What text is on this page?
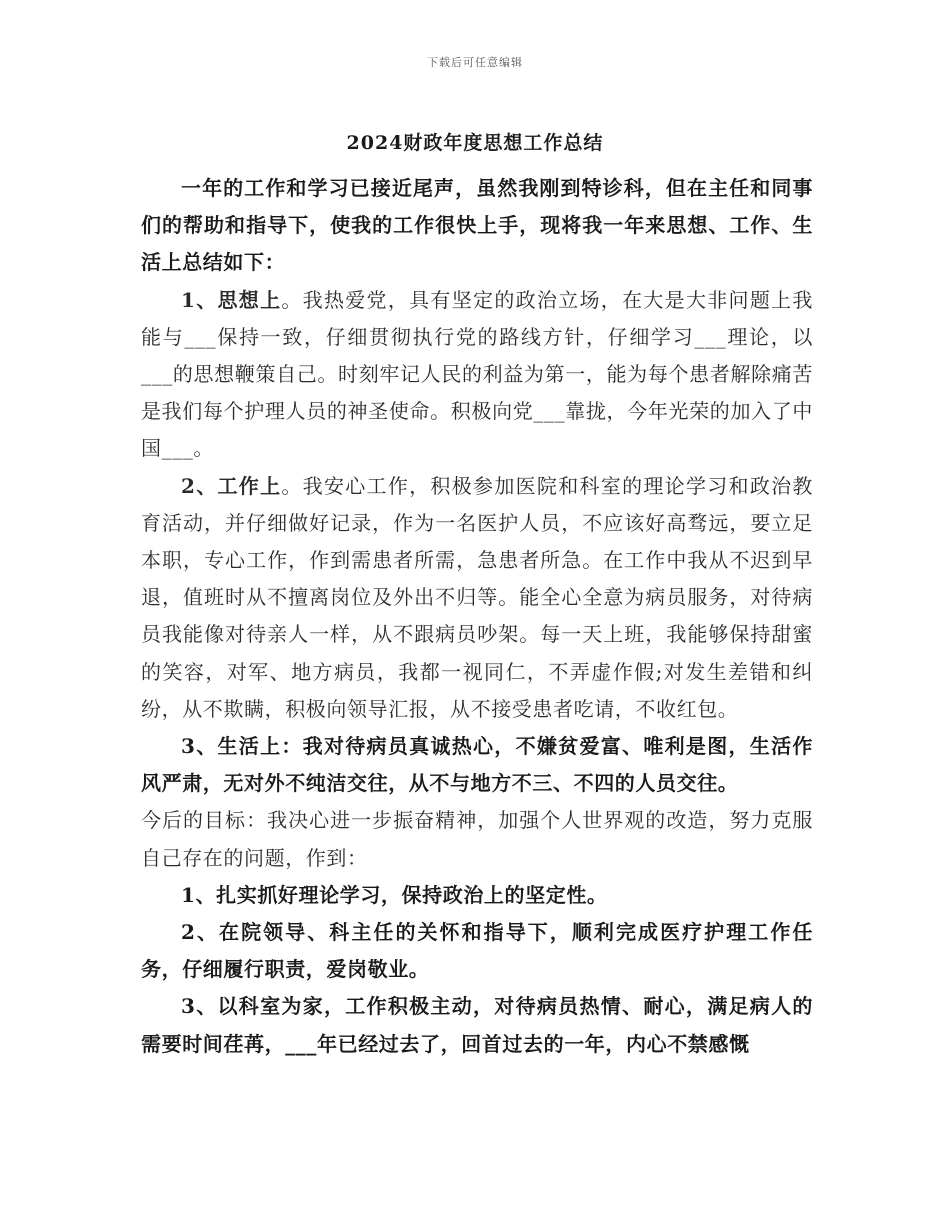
下载后可任意编辑
2024财政年度思想工作总结

一年的工作和学习已接近尾声，虽然我刚到特诊科，但在主任和同事们的帮助和指导下，使我的工作很快上手，现将我一年来思想、工作、生活上总结如下：

1、思想上。我热爱党，具有坚定的政治立场，在大是大非问题上我能与___保持一致，仔细贯彻执行党的路线方针，仔细学习___理论，以___的思想鞭策自己。时刻牢记人民的利益为第一，能为每个患者解除痛苦是我们每个护理人员的神圣使命。积极向党___靠拢，今年光荣的加入了中国___。

2、工作上。我安心工作，积极参加医院和科室的理论学习和政治教育活动，并仔细做好记录，作为一名医护人员，不应该好高骛远，要立足本职，专心工作，作到需患者所需，急患者所急。在工作中我从不迟到早退，值班时从不擅离岗位及外出不归等。能全心全意为病员服务，对待病员我能像对待亲人一样，从不跟病员吵架。每一天上班，我能够保持甜蜜的笑容，对军、地方病员，我都一视同仁，不弄虚作假;对发生差错和纠纷，从不欺瞒，积极向领导汇报，从不接受患者吃请，不收红包。

3、生活上：我对待病员真诚热心，不嫌贫爱富、唯利是图，生活作风严肃，无对外不纯洁交往，从不与地方不三、不四的人员交往。

今后的目标：我决心进一步振奋精神，加强个人世界观的改造，努力克服自己存在的问题，作到：

1、扎实抓好理论学习，保持政治上的坚定性。

2、在院领导、科主任的关怀和指导下，顺利完成医疗护理工作任务，仔细履行职责，爱岗敬业。

3、以科室为家，工作积极主动，对待病员热情、耐心，满足病人的需要时间荏苒，___年已经过去了，回首过去的一年，内心不禁感慨
